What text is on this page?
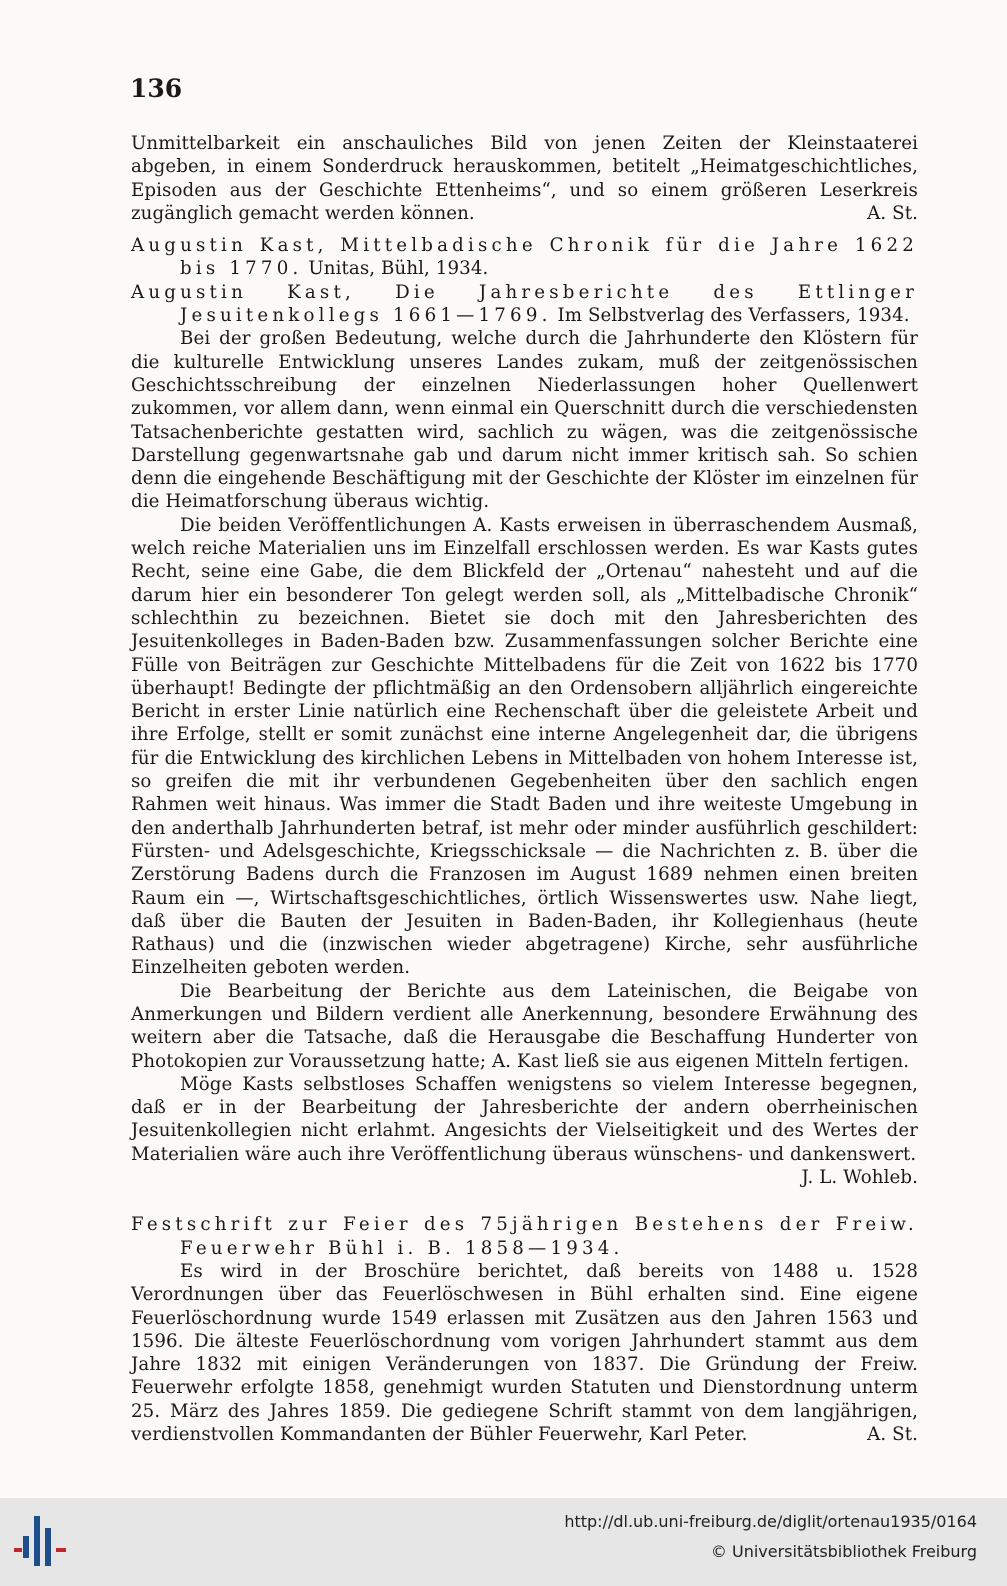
136

Unmittelbarkeit ein anschauliches Bild von jenen Zeiten der Kleinstaaterei abgeben, in einem Sonderdruck herauskommen, betitelt „Heimatgeschichtliches, Episoden aus der Geschichte Ettenheims“, und so einem größeren Leserkreis zugänglich gemacht werden können.	A. St.

Augustin Kast, Mittelbadische Chronik für die Jahre 1622 bis 1770. Unitas, Bühl, 1934.

Augustin Kast, Die Jahresberichte des Ettlinger Jesuitenkollegs 1661—1769. Im Selbstverlag des Verfassers, 1934.

Bei der großen Bedeutung, welche durch die Jahrhunderte den Klöstern für die kulturelle Entwicklung unseres Landes zukam, muß der zeitgenössischen Geschichtsschreibung der einzelnen Niederlassungen hoher Quellenwert zukommen, vor allem dann, wenn einmal ein Querschnitt durch die verschiedensten Tatsachenberichte gestatten wird, sachlich zu wägen, was die zeitgenössische Darstellung gegenwartsnahe gab und darum nicht immer kritisch sah. So schien denn die eingehende Beschäftigung mit der Geschichte der Klöster im einzelnen für die Heimatforschung überaus wichtig.

Die beiden Veröffentlichungen A. Kasts erweisen in überraschendem Ausmaß, welch reiche Materialien uns im Einzelfall erschlossen werden. Es war Kasts gutes Recht, seine eine Gabe, die dem Blickfeld der „Ortenau“ nahesteht und auf die darum hier ein besonderer Ton gelegt werden soll, als „Mittelbadische Chronik“ schlechthin zu bezeichnen. Bietet sie doch mit den Jahresberichten des Jesuitenkolleges in Baden-Baden bzw. Zusammenfassungen solcher Berichte eine Fülle von Beiträgen zur Geschichte Mittelbadens für die Zeit von 1622 bis 1770 überhaupt! Bedingte der pflichtmäßig an den Ordensobern alljährlich eingereichte Bericht in erster Linie natürlich eine Rechenschaft über die geleistete Arbeit und ihre Erfolge, stellt er somit zunächst eine interne Angelegenheit dar, die übrigens für die Entwicklung des kirchlichen Lebens in Mittelbaden von hohem Interesse ist, so greifen die mit ihr verbundenen Gegebenheiten über den sachlich engen Rahmen weit hinaus. Was immer die Stadt Baden und ihre weiteste Umgebung in den anderthalb Jahrhunderten betraf, ist mehr oder minder ausführlich geschildert: Fürsten- und Adelsgeschichte, Kriegsschicksale — die Nachrichten z. B. über die Zerstörung Badens durch die Franzosen im August 1689 nehmen einen breiten Raum ein —, Wirtschaftsgeschichtliches, örtlich Wissenswertes usw. Nahe liegt, daß über die Bauten der Jesuiten in Baden-Baden, ihr Kollegienhaus (heute Rathaus) und die (inzwischen wieder abgetragene) Kirche, sehr ausführliche Einzelheiten geboten werden.

Die Bearbeitung der Berichte aus dem Lateinischen, die Beigabe von Anmerkungen und Bildern verdient alle Anerkennung, besondere Erwähnung des weitern aber die Tatsache, daß die Herausgabe die Beschaffung Hunderter von Photokopien zur Voraussetzung hatte; A. Kast ließ sie aus eigenen Mitteln fertigen.

Möge Kasts selbstloses Schaffen wenigstens so vielem Interesse begegnen, daß er in der Bearbeitung der Jahresberichte der andern oberrheinischen Jesuitenkollegien nicht erlahmt. Angesichts der Vielseitigkeit und des Wertes der Materialien wäre auch ihre Veröffentlichung überaus wünschens- und dankenswert.
J. L. Wohleb.

Festschrift zur Feier des 75jährigen Bestehens der Freiw. Feuerwehr Bühl i. B. 1858—1934.

Es wird in der Broschüre berichtet, daß bereits von 1488 u. 1528 Verordnungen über das Feuerlöschwesen in Bühl erhalten sind. Eine eigene Feuerlöschordnung wurde 1549 erlassen mit Zusätzen aus den Jahren 1563 und 1596. Die älteste Feuerlöschordnung vom vorigen Jahrhundert stammt aus dem Jahre 1832 mit einigen Veränderungen von 1837. Die Gründung der Freiw. Feuerwehr erfolgte 1858, genehmigt wurden Statuten und Dienstordnung unterm 25. März des Jahres 1859. Die gediegene Schrift stammt von dem langjährigen, verdienstvollen Kommandanten der Bühler Feuerwehr, Karl Peter.	A. St.

http://dl.ub.uni-freiburg.de/diglit/ortenau1935/0164
© Universitätsbibliothek Freiburg
